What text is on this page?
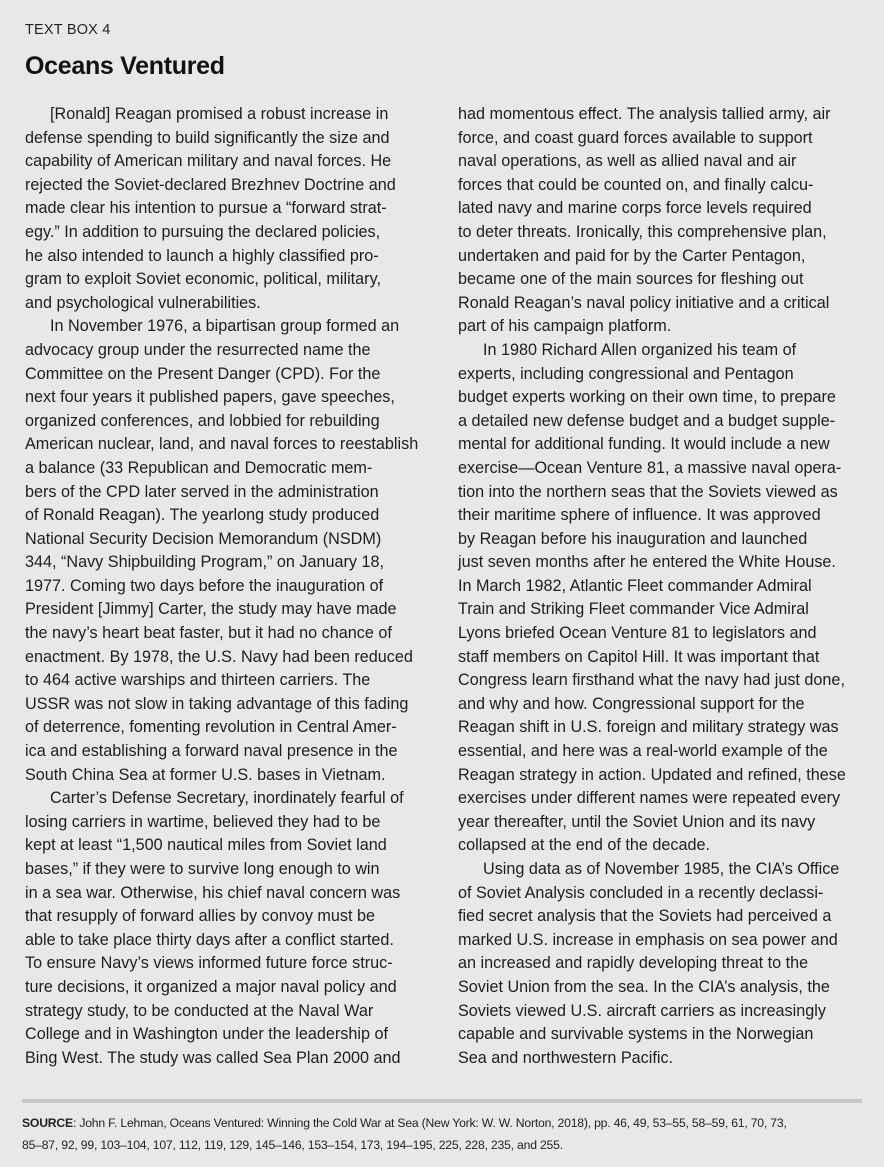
TEXT BOX 4
Oceans Ventured
[Ronald] Reagan promised a robust increase in
defense spending to build significantly the size and
capability of American military and naval forces. He
rejected the Soviet-declared Brezhnev Doctrine and
made clear his intention to pursue a “forward strat-
egy.” In addition to pursuing the declared policies,
he also intended to launch a highly classified pro-
gram to exploit Soviet economic, political, military,
and psychological vulnerabilities.
In November 1976, a bipartisan group formed an
advocacy group under the resurrected name the
Committee on the Present Danger (CPD). For the
next four years it published papers, gave speeches,
organized conferences, and lobbied for rebuilding
American nuclear, land, and naval forces to reestablish
a balance (33 Republican and Democratic mem-
bers of the CPD later served in the administration
of Ronald Reagan). The yearlong study produced
National Security Decision Memorandum (NSDM)
344, “Navy Shipbuilding Program,” on January 18,
1977. Coming two days before the inauguration of
President [Jimmy] Carter, the study may have made
the navy’s heart beat faster, but it had no chance of
enactment. By 1978, the U.S. Navy had been reduced
to 464 active warships and thirteen carriers. The
USSR was not slow in taking advantage of this fading
of deterrence, fomenting revolution in Central Amer-
ica and establishing a forward naval presence in the
South China Sea at former U.S. bases in Vietnam.
Carter’s Defense Secretary, inordinately fearful of
losing carriers in wartime, believed they had to be
kept at least “1,500 nautical miles from Soviet land
bases,” if they were to survive long enough to win
in a sea war. Otherwise, his chief naval concern was
that resupply of forward allies by convoy must be
able to take place thirty days after a conflict started.
To ensure Navy’s views informed future force struc-
ture decisions, it organized a major naval policy and
strategy study, to be conducted at the Naval War
College and in Washington under the leadership of
Bing West. The study was called Sea Plan 2000 and
had momentous effect. The analysis tallied army, air
force, and coast guard forces available to support
naval operations, as well as allied naval and air
forces that could be counted on, and finally calcu-
lated navy and marine corps force levels required
to deter threats. Ironically, this comprehensive plan,
undertaken and paid for by the Carter Pentagon,
became one of the main sources for fleshing out
Ronald Reagan’s naval policy initiative and a critical
part of his campaign platform.
In 1980 Richard Allen organized his team of
experts, including congressional and Pentagon
budget experts working on their own time, to prepare
a detailed new defense budget and a budget supple-
mental for additional funding. It would include a new
exercise—Ocean Venture 81, a massive naval opera-
tion into the northern seas that the Soviets viewed as
their maritime sphere of influence. It was approved
by Reagan before his inauguration and launched
just seven months after he entered the White House.
In March 1982, Atlantic Fleet commander Admiral
Train and Striking Fleet commander Vice Admiral
Lyons briefed Ocean Venture 81 to legislators and
staff members on Capitol Hill. It was important that
Congress learn firsthand what the navy had just done,
and why and how. Congressional support for the
Reagan shift in U.S. foreign and military strategy was
essential, and here was a real-world example of the
Reagan strategy in action. Updated and refined, these
exercises under different names were repeated every
year thereafter, until the Soviet Union and its navy
collapsed at the end of the decade.
Using data as of November 1985, the CIA’s Office
of Soviet Analysis concluded in a recently declassi-
fied secret analysis that the Soviets had perceived a
marked U.S. increase in emphasis on sea power and
an increased and rapidly developing threat to the
Soviet Union from the sea. In the CIA’s analysis, the
Soviets viewed U.S. aircraft carriers as increasingly
capable and survivable systems in the Norwegian
Sea and northwestern Pacific.
SOURCE: John F. Lehman, Oceans Ventured: Winning the Cold War at Sea (New York: W. W. Norton, 2018), pp. 46, 49, 53–55, 58–59, 61, 70, 73,
85–87, 92, 99, 103–104, 107, 112, 119, 129, 145–146, 153–154, 173, 194–195, 225, 228, 235, and 255.
